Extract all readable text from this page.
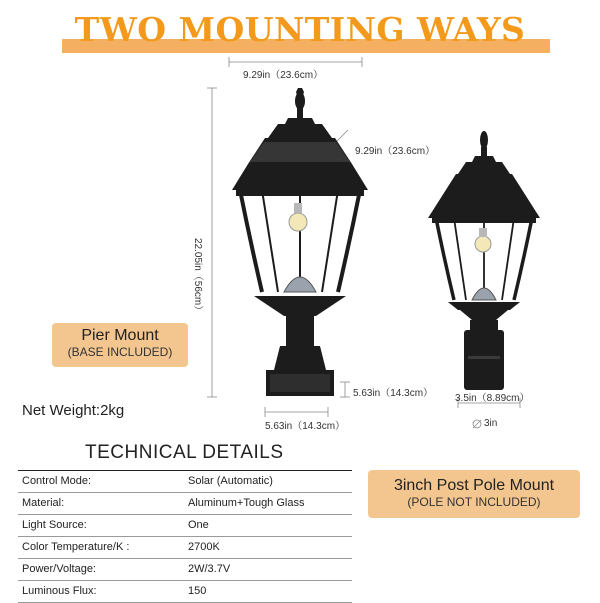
TWO MOUNTING WAYS
9.29in（23.6cm）
9.29in（23.6cm）
22.05in（56cm）
5.63in（14.3cm）
5.63in（14.3cm）
3.5in（8.89cm）
3in
Pier Mount
(BASE INCLUDED)
3inch Post Pole Mount
(POLE NOT INCLUDED)
Net Weight:2kg
TECHNICAL DETAILS
Control Mode:	Solar (Automatic)
Material:	Aluminum+Tough Glass
Light Source:	One
Color Temperature/K :	2700K
Power/Voltage:	2W/3.7V
Luminous Flux:	150
